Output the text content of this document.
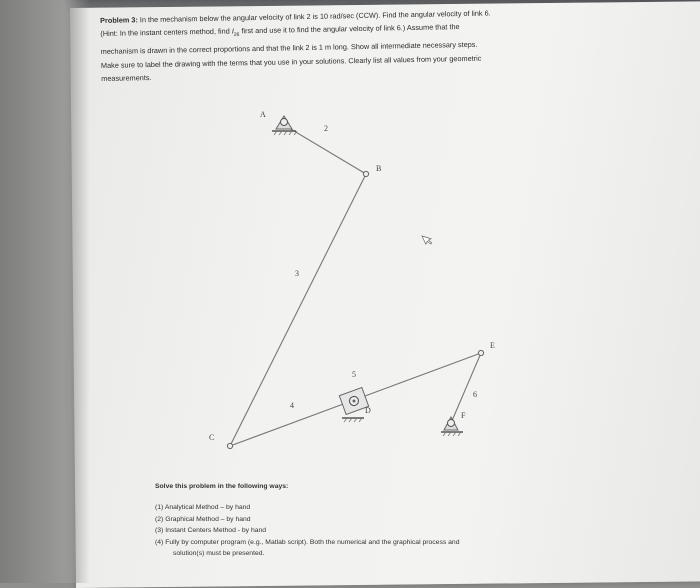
Problem 3: In the mechanism below the angular velocity of link 2 is 10 rad/sec (CCW). Find the angular velocity of link 6.
(Hint: In the instant centers method, find $I_{26}$ first and use it to find the angular velocity of link 6.) Assume that the
mechanism is drawn in the correct proportions and that the link 2 is 1 m long. Show all intermediate necessary steps.
Make sure to label the drawing with the terms that you use in your solutions. Clearly list all values from your geometric
measurements.
A
B
C
D
E
F
2
3
4
5
6
Solve this problem in the following ways:
(1) Analytical Method – by hand
(2) Graphical Method – by hand
(3) Instant Centers Method - by hand
(4) Fully by computer program (e.g., Matlab script). Both the numerical and the graphical process and
solution(s) must be presented.
